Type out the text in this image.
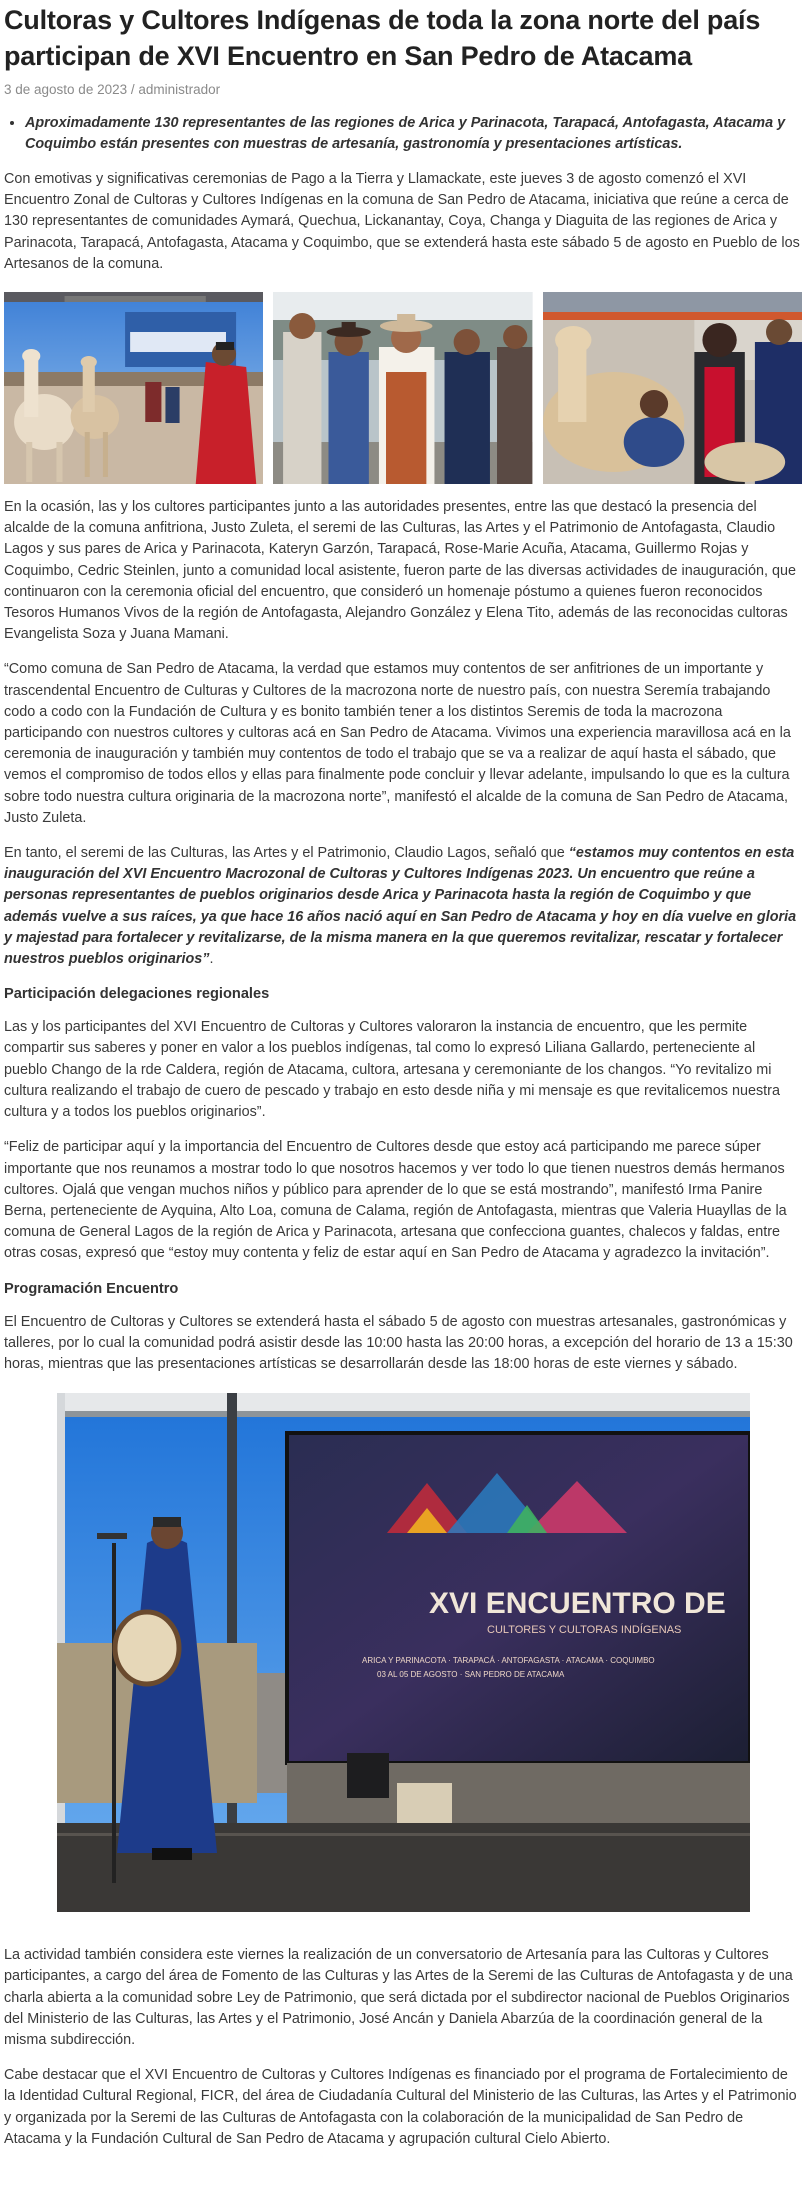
Cultoras y Cultores Indígenas de toda la zona norte del país participan de XVI Encuentro en San Pedro de Atacama
3 de agosto de 2023 / administrador
• Aproximadamente 130 representantes de las regiones de Arica y Parinacota, Tarapacá, Antofagasta, Atacama y Coquimbo están presentes con muestras de artesanía, gastronomía y presentaciones artísticas.

Con emotivas y significativas ceremonias de Pago a la Tierra y Llamackate, este jueves 3 de agosto comenzó el XVI Encuentro Zonal de Cultoras y Cultores Indígenas en la comuna de San Pedro de Atacama, iniciativa que reúne a cerca de 130 representantes de comunidades Aymará, Quechua, Lickanantay, Coya, Changa y Diaguita de las regiones de Arica y Parinacota, Tarapacá, Antofagasta, Atacama y Coquimbo, que se extenderá hasta este sábado 5 de agosto en Pueblo de los Artesanos de la comuna.

En la ocasión, las y los cultores participantes junto a las autoridades presentes, entre las que destacó la presencia del alcalde de la comuna anfitriona, Justo Zuleta, el seremi de las Culturas, las Artes y el Patrimonio de Antofagasta, Claudio Lagos y sus pares de Arica y Parinacota, Kateryn Garzón, Tarapacá, Rose-Marie Acuña, Atacama, Guillermo Rojas y Coquimbo, Cedric Steinlen, junto a comunidad local asistente, fueron parte de las diversas actividades de inauguración, que continuaron con la ceremonia oficial del encuentro, que consideró un homenaje póstumo a quienes fueron reconocidos Tesoros Humanos Vivos de la región de Antofagasta, Alejandro González y Elena Tito, además de las reconocidas cultoras Evangelista Soza y Juana Mamani.

“Como comuna de San Pedro de Atacama, la verdad que estamos muy contentos de ser anfitriones de un importante y trascendental Encuentro de Culturas y Cultores de la macrozona norte de nuestro país, con nuestra Seremía trabajando codo a codo con la Fundación de Cultura y es bonito también tener a los distintos Seremis de toda la macrozona participando con nuestros cultores y cultoras acá en San Pedro de Atacama. Vivimos una experiencia maravillosa acá en la ceremonia de inauguración y también muy contentos de todo el trabajo que se va a realizar de aquí hasta el sábado, que vemos el compromiso de todos ellos y ellas para finalmente pode concluir y llevar adelante, impulsando lo que es la cultura sobre todo nuestra cultura originaria de la macrozona norte”, manifestó el alcalde de la comuna de San Pedro de Atacama, Justo Zuleta.

En tanto, el seremi de las Culturas, las Artes y el Patrimonio, Claudio Lagos, señaló que “estamos muy contentos en esta inauguración del XVI Encuentro Macrozonal de Cultoras y Cultores Indígenas 2023. Un encuentro que reúne a personas representantes de pueblos originarios desde Arica y Parinacota hasta la región de Coquimbo y que además vuelve a sus raíces, ya que hace 16 años nació aquí en San Pedro de Atacama y hoy en día vuelve en gloria y majestad para fortalecer y revitalizarse, de la misma manera en la que queremos revitalizar, rescatar y fortalecer nuestros pueblos originarios”.

Participación delegaciones regionales

Las y los participantes del XVI Encuentro de Cultoras y Cultores valoraron la instancia de encuentro, que les permite compartir sus saberes y poner en valor a los pueblos indígenas, tal como lo expresó Liliana Gallardo, perteneciente al pueblo Chango de la rde Caldera, región de Atacama, cultora, artesana y ceremoniante de los changos. “Yo revitalizo mi cultura realizando el trabajo de cuero de pescado y trabajo en esto desde niña y mi mensaje es que revitalicemos nuestra cultura y a todos los pueblos originarios”.

“Feliz de participar aquí y la importancia del Encuentro de Cultores desde que estoy acá participando me parece súper importante que nos reunamos a mostrar todo lo que nosotros hacemos y ver todo lo que tienen nuestros demás hermanos cultores. Ojalá que vengan muchos niños y público para aprender de lo que se está mostrando”, manifestó Irma Panire Berna, perteneciente de Ayquina, Alto Loa, comuna de Calama, región de Antofagasta, mientras que Valeria Huayllas de la comuna de General Lagos de la región de Arica y Parinacota, artesana que confecciona guantes, chalecos y faldas, entre otras cosas, expresó que “estoy muy contenta y feliz de estar aquí en San Pedro de Atacama y agradezco la invitación”.

Programación Encuentro

El Encuentro de Cultoras y Cultores se extenderá hasta el sábado 5 de agosto con muestras artesanales, gastronómicas y talleres, por lo cual la comunidad podrá asistir desde las 10:00 hasta las 20:00 horas, a excepción del horario de 13 a 15:30 horas, mientras que las presentaciones artísticas se desarrollarán desde las 18:00 horas de este viernes y sábado.

XVI ENCUENTRO DE
CULTORES Y CULTORAS INDÍGENAS
ARICA Y PARINACOTA · TARAPACÁ · ANTOFAGASTA · ATACAMA · COQUIMBO
03 AL 05 DE AGOSTO · SAN PEDRO DE ATACAMA

La actividad también considera este viernes la realización de un conversatorio de Artesanía para las Cultoras y Cultores participantes, a cargo del área de Fomento de las Culturas y las Artes de la Seremi de las Culturas de Antofagasta y de una charla abierta a la comunidad sobre Ley de Patrimonio, que será dictada por el subdirector nacional de Pueblos Originarios del Ministerio de las Culturas, las Artes y el Patrimonio, José Ancán y Daniela Abarzúa de la coordinación general de la misma subdirección.

Cabe destacar que el XVI Encuentro de Cultoras y Cultores Indígenas es financiado por el programa de Fortalecimiento de la Identidad Cultural Regional, FICR, del área de Ciudadanía Cultural del Ministerio de las Culturas, las Artes y el Patrimonio y organizada por la Seremi de las Culturas de Antofagasta con la colaboración de la municipalidad de San Pedro de Atacama y la Fundación Cultural de San Pedro de Atacama y agrupación cultural Cielo Abierto.
